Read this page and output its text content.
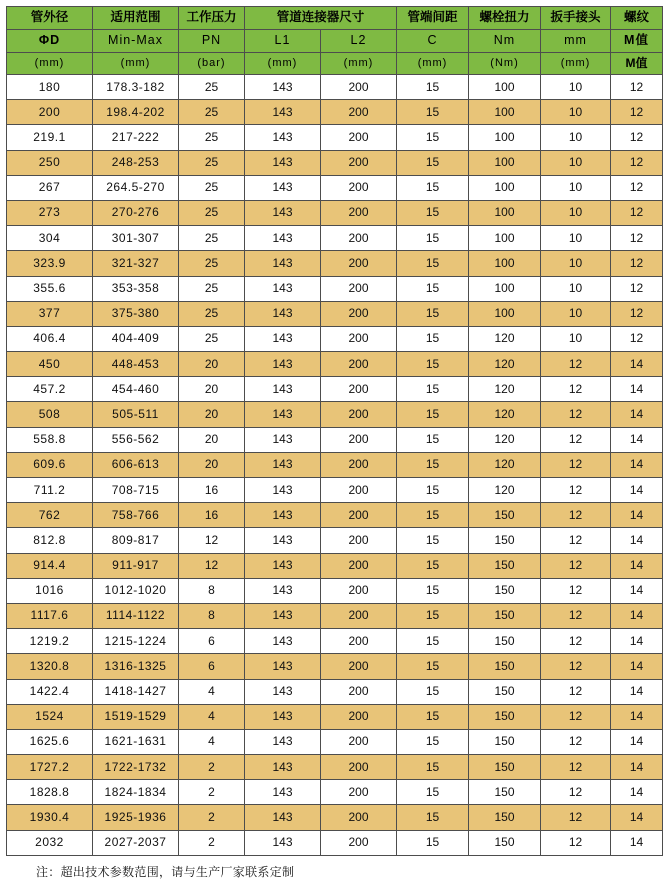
管外径	适用范围	工作压力	管道连接器尺寸		管端间距	螺栓扭力	扳手接头	螺纹
ΦD	Min-Max	PN	L1	L2	C	Nm	mm	M值
(mm)	(mm)	(bar)	(mm)	(mm)	(mm)	(Nm)	(mm)	M值
180	178.3-182	25	143	200	15	100	10	12
200	198.4-202	25	143	200	15	100	10	12
219.1	217-222	25	143	200	15	100	10	12
250	248-253	25	143	200	15	100	10	12
267	264.5-270	25	143	200	15	100	10	12
273	270-276	25	143	200	15	100	10	12
304	301-307	25	143	200	15	100	10	12
323.9	321-327	25	143	200	15	100	10	12
355.6	353-358	25	143	200	15	100	10	12
377	375-380	25	143	200	15	100	10	12
406.4	404-409	25	143	200	15	120	10	12
450	448-453	20	143	200	15	120	12	14
457.2	454-460	20	143	200	15	120	12	14
508	505-511	20	143	200	15	120	12	14
558.8	556-562	20	143	200	15	120	12	14
609.6	606-613	20	143	200	15	120	12	14
711.2	708-715	16	143	200	15	120	12	14
762	758-766	16	143	200	15	150	12	14
812.8	809-817	12	143	200	15	150	12	14
914.4	911-917	12	143	200	15	150	12	14
1016	1012-1020	8	143	200	15	150	12	14
1117.6	1114-1122	8	143	200	15	150	12	14
1219.2	1215-1224	6	143	200	15	150	12	14
1320.8	1316-1325	6	143	200	15	150	12	14
1422.4	1418-1427	4	143	200	15	150	12	14
1524	1519-1529	4	143	200	15	150	12	14
1625.6	1621-1631	4	143	200	15	150	12	14
1727.2	1722-1732	2	143	200	15	150	12	14
1828.8	1824-1834	2	143	200	15	150	12	14
1930.4	1925-1936	2	143	200	15	150	12	14
2032	2027-2037	2	143	200	15	150	12	14
注：超出技术参数范围，请与生产厂家联系定制
